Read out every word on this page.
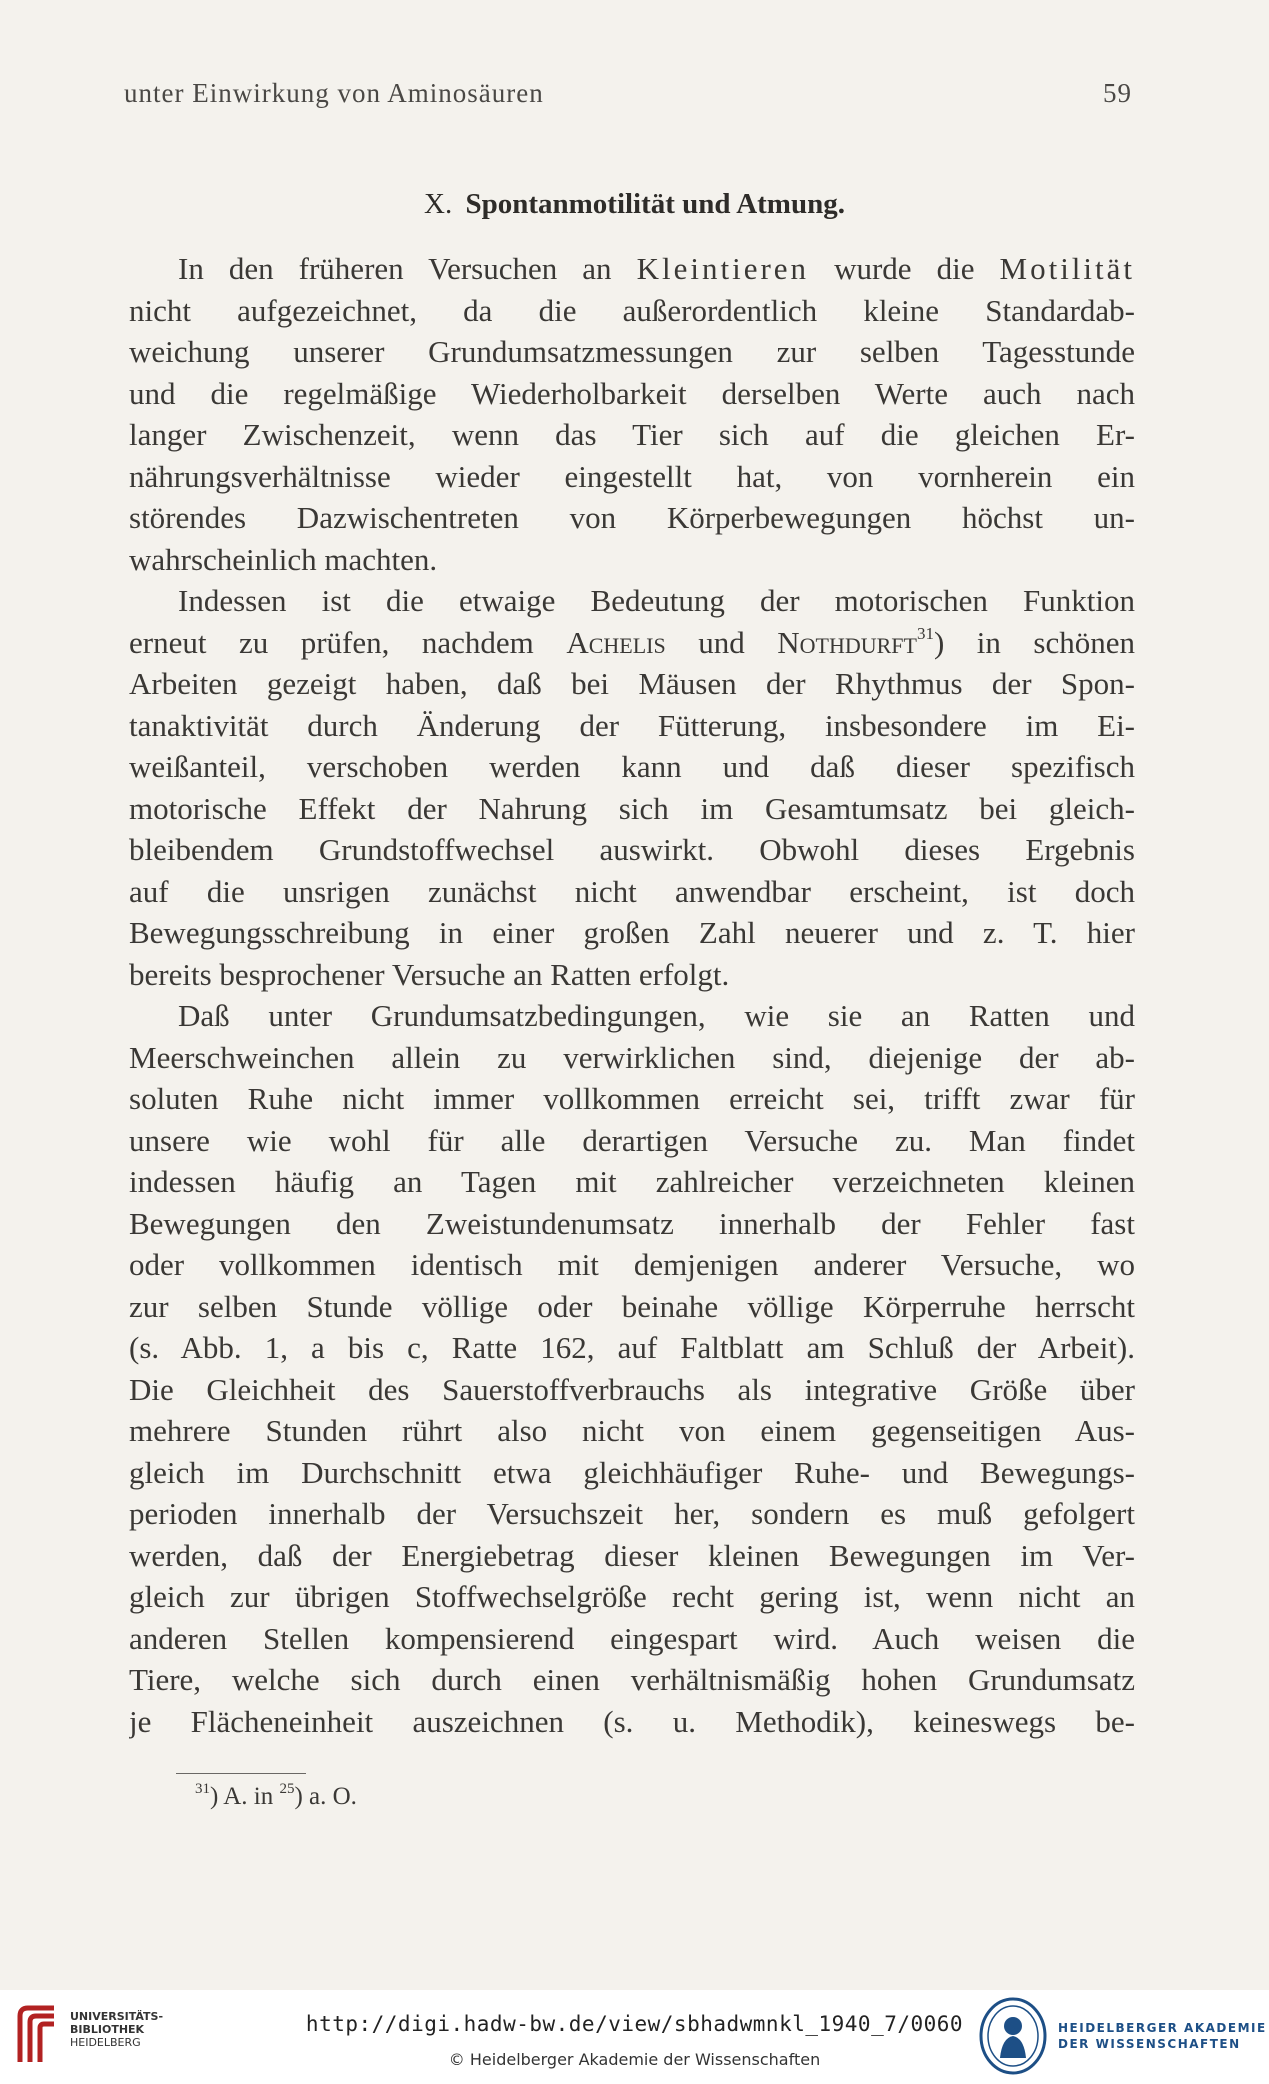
unter Einwirkung von Aminosäuren	59
X. Spontanmotilität und Atmung.
In den früheren Versuchen an Kleintieren wurde die Motilität
nicht aufgezeichnet, da die außerordentlich kleine Standardab-
weichung unserer Grundumsatzmessungen zur selben Tagesstunde
und die regelmäßige Wiederholbarkeit derselben Werte auch nach
langer Zwischenzeit, wenn das Tier sich auf die gleichen Er-
nährungsverhältnisse wieder eingestellt hat, von vornherein ein
störendes Dazwischentreten von Körperbewegungen höchst un-
wahrscheinlich machten.
Indessen ist die etwaige Bedeutung der motorischen Funktion
erneut zu prüfen, nachdem Achelis und Nothdurft$^{31}$) in schönen
Arbeiten gezeigt haben, daß bei Mäusen der Rhythmus der Spon-
tanaktivität durch Änderung der Fütterung, insbesondere im Ei-
weißanteil, verschoben werden kann und daß dieser spezifisch
motorische Effekt der Nahrung sich im Gesamtumsatz bei gleich-
bleibendem Grundstoffwechsel auswirkt. Obwohl dieses Ergebnis
auf die unsrigen zunächst nicht anwendbar erscheint, ist doch
Bewegungsschreibung in einer großen Zahl neuerer und z. T. hier
bereits besprochener Versuche an Ratten erfolgt.
Daß unter Grundumsatzbedingungen, wie sie an Ratten und
Meerschweinchen allein zu verwirklichen sind, diejenige der ab-
soluten Ruhe nicht immer vollkommen erreicht sei, trifft zwar für
unsere wie wohl für alle derartigen Versuche zu. Man findet
indessen häufig an Tagen mit zahlreicher verzeichneten kleinen
Bewegungen den Zweistundenumsatz innerhalb der Fehler fast
oder vollkommen identisch mit demjenigen anderer Versuche, wo
zur selben Stunde völlige oder beinahe völlige Körperruhe herrscht
(s. Abb. 1, a bis c, Ratte 162, auf Faltblatt am Schluß der Arbeit).
Die Gleichheit des Sauerstoffverbrauchs als integrative Größe über
mehrere Stunden rührt also nicht von einem gegenseitigen Aus-
gleich im Durchschnitt etwa gleichhäufiger Ruhe- und Bewegungs-
perioden innerhalb der Versuchszeit her, sondern es muß gefolgert
werden, daß der Energiebetrag dieser kleinen Bewegungen im Ver-
gleich zur übrigen Stoffwechselgröße recht gering ist, wenn nicht an
anderen Stellen kompensierend eingespart wird. Auch weisen die
Tiere, welche sich durch einen verhältnismäßig hohen Grundumsatz
je Flächeneinheit auszeichnen (s. u. Methodik), keineswegs be-
$^{31}$) A. in $^{25}$) a. O.
UNIVERSITÄTS-
BIBLIOTHEK
HEIDELBERG
http://digi.hadw-bw.de/view/sbhadwmnkl_1940_7/0060
© Heidelberger Akademie der Wissenschaften
HEIDELBERGER AKADEMIE
DER WISSENSCHAFTEN
